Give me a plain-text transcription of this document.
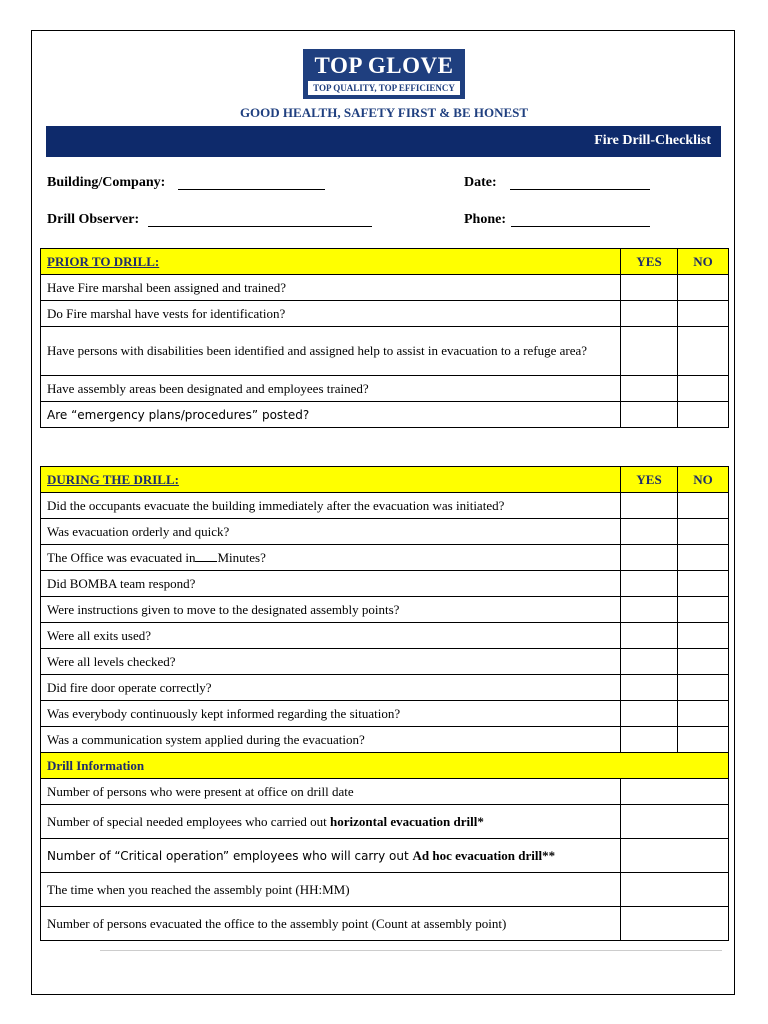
TOP GLOVE
TOP QUALITY, TOP EFFICIENCY
GOOD HEALTH, SAFETY FIRST & BE HONEST
Fire Drill-Checklist
Building/Company:	Date:
Drill Observer:	Phone:
PRIOR TO DRILL:	YES	NO
Have Fire marshal been assigned and trained?		
Do Fire marshal have vests for identification?		
Have persons with disabilities been identified and assigned help to assist in evacuation to a refuge area?		
Have assembly areas been designated and employees trained?		
Are “emergency plans/procedures” posted?		
DURING THE DRILL:	YES	NO
Did the occupants evacuate the building immediately after the evacuation was initiated?		
Was evacuation orderly and quick?		
The Office was evacuated in Minutes?		
Did BOMBA team respond?		
Were instructions given to move to the designated assembly points?		
Were all exits used?		
Were all levels checked?		
Did fire door operate correctly?		
Was everybody continuously kept informed regarding the situation?		
Was a communication system applied during the evacuation?		
Drill Information		
Number of persons who were present at office on drill date		
Number of special needed employees who carried out horizontal evacuation drill*		
Number of “Critical operation” employees who will carry out Ad hoc evacuation drill**		
The time when you reached the assembly point (HH:MM)		
Number of persons evacuated the office to the assembly point (Count at assembly point)		
